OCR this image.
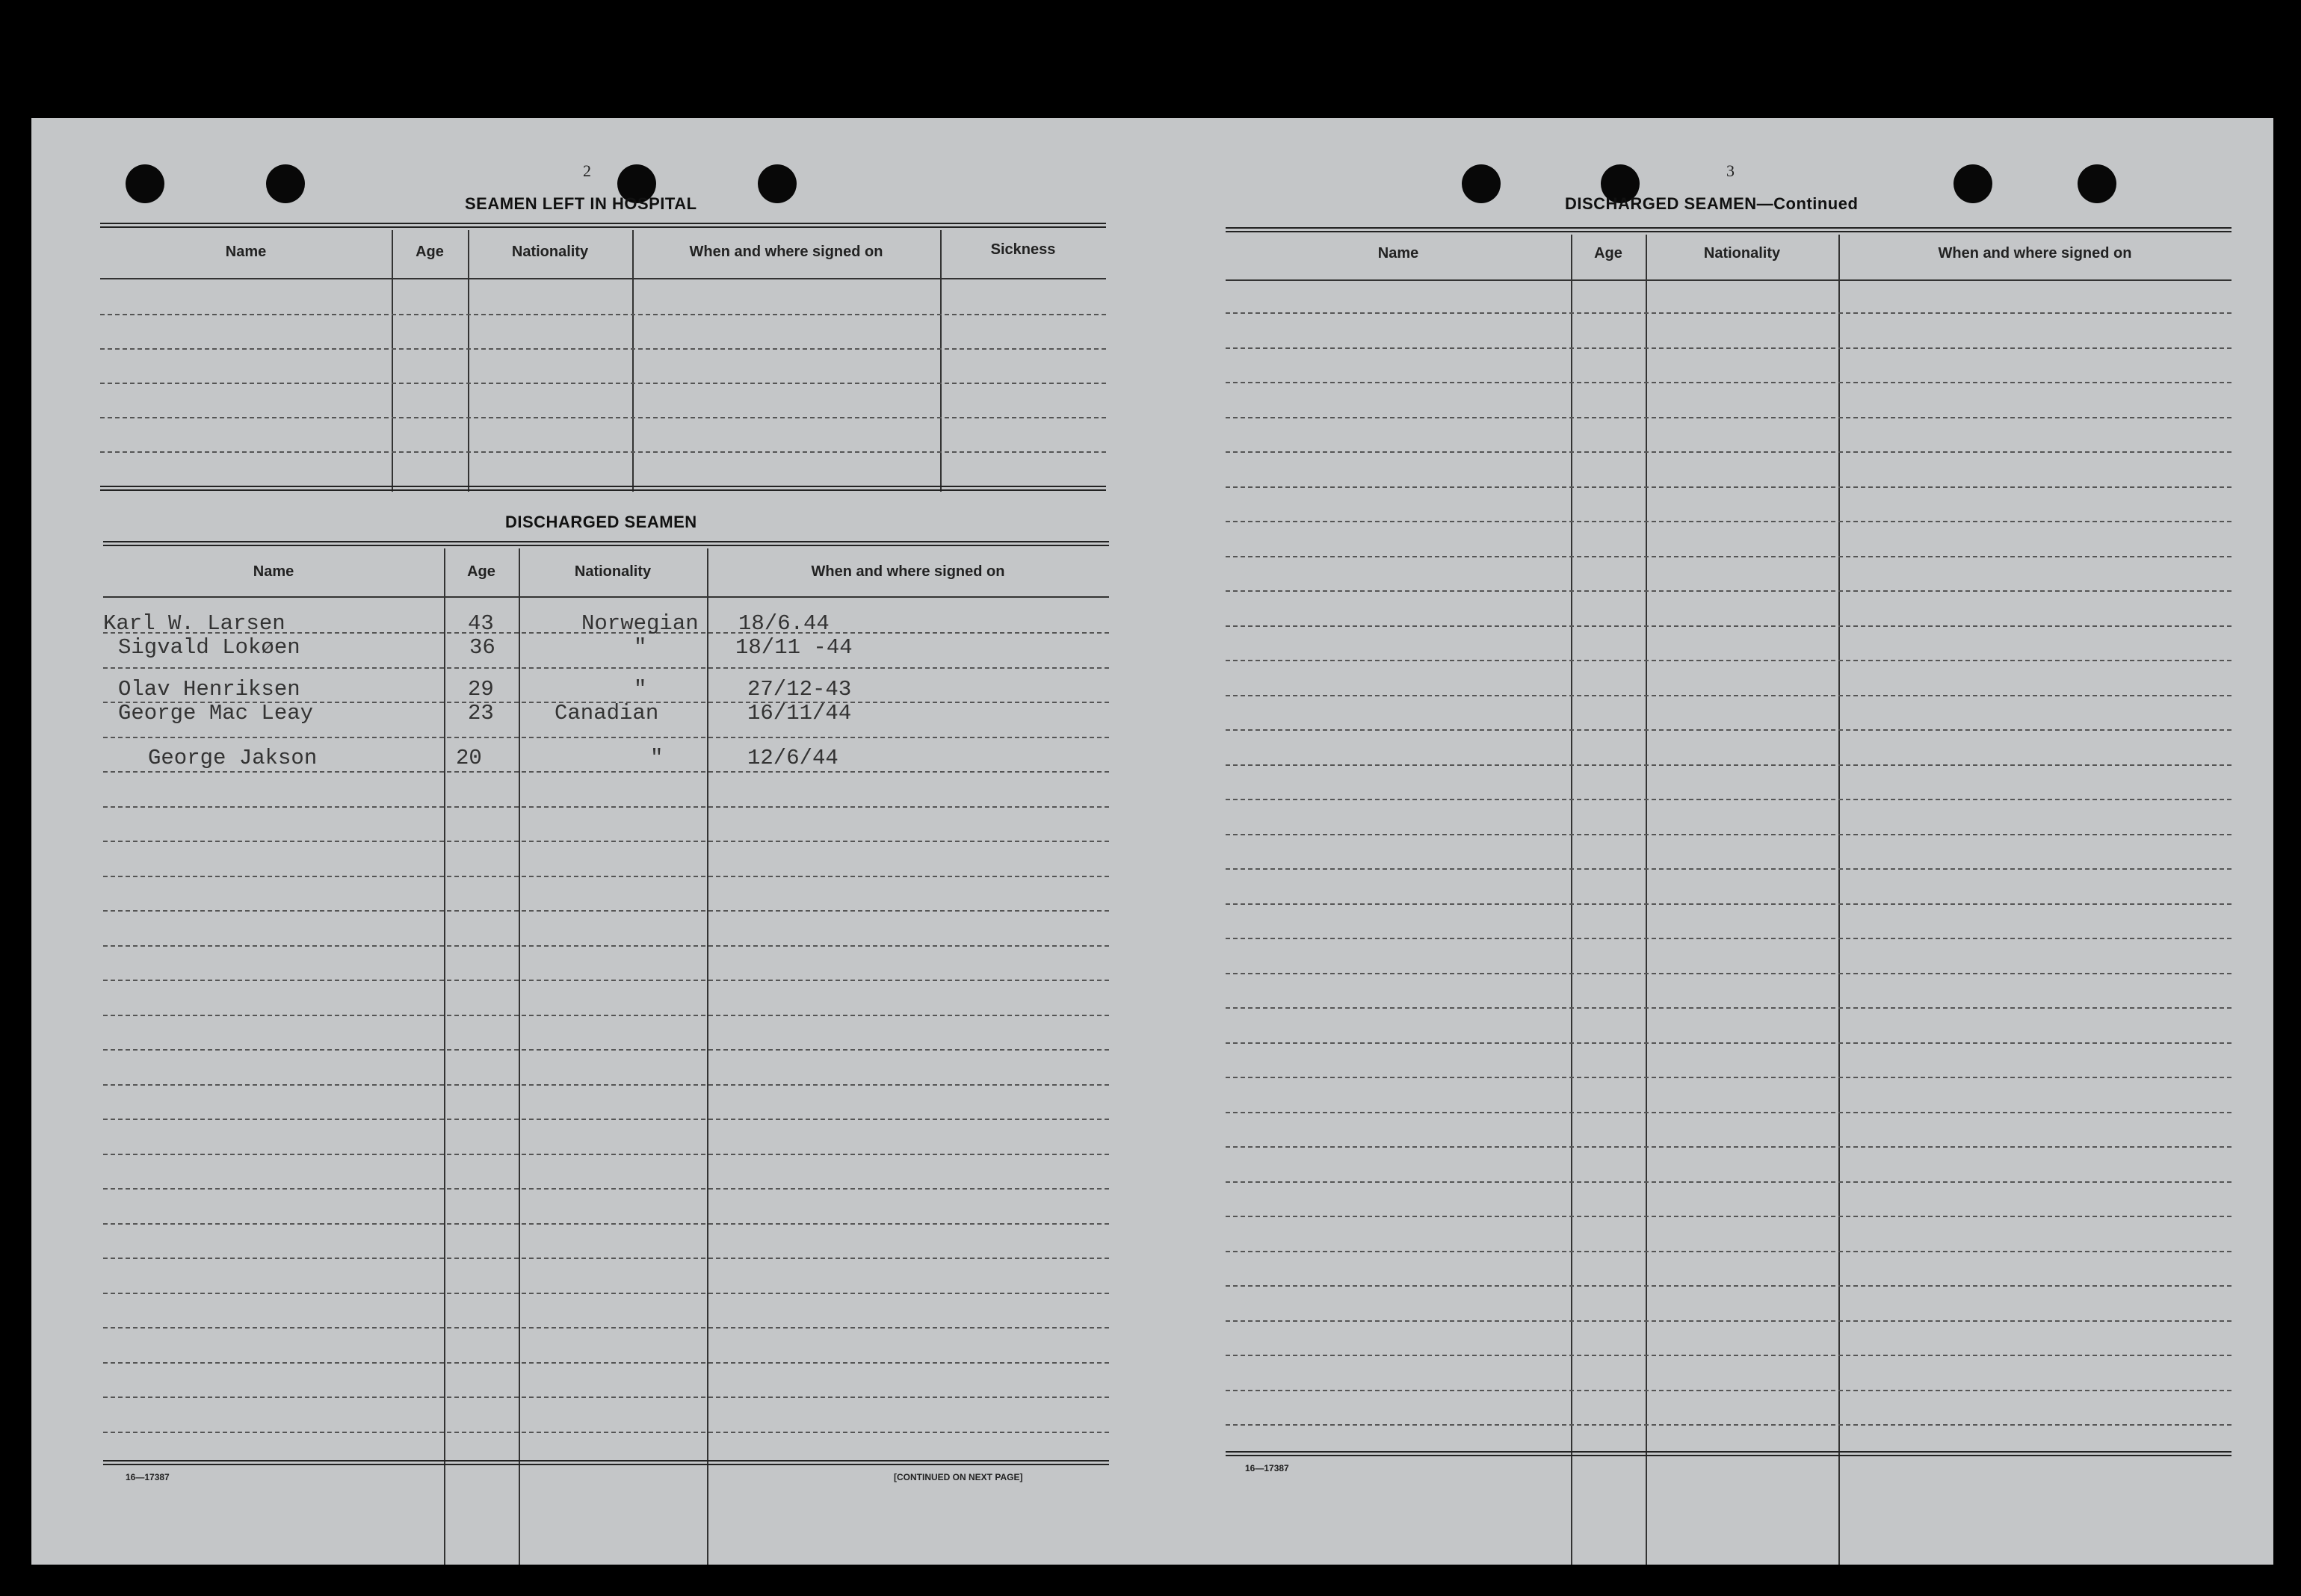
2
SEAMEN LEFT IN HOSPITAL
Name	Age	Nationality	When and where signed on	Sickness
DISCHARGED SEAMEN
Name	Age	Nationality	When and where signed on
Karl W. Larsen	43	Norwegian 18/6.44
Sigvald Lokøen	36	"	18/11 -44
Olav Henriksen	29	"	27/12-43
George Mac Leay	23	Canadian	16/11/44
George Jakson	20	"	12/6/44
16—17387	[CONTINUED ON NEXT PAGE]
3
DISCHARGED SEAMEN—Continued
Name	Age	Nationality	When and where signed on
16—17387
